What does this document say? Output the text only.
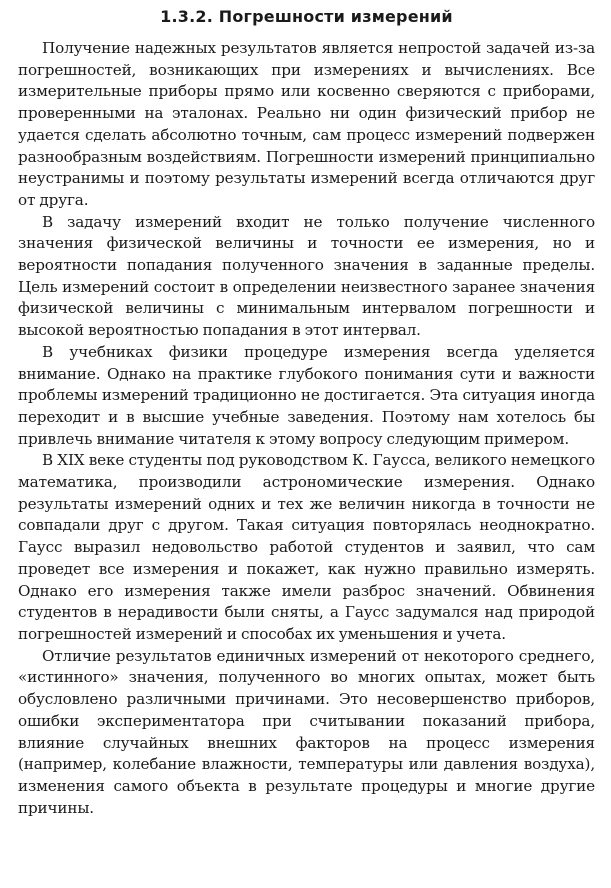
1.3.2. Погрешности измерений

Получение надежных результатов является непростой задачей из-за погрешностей, возникающих при измерениях и вычислениях. Все измерительные приборы прямо или косвенно сверяются с приборами, проверенными на эталонах. Реально ни один физический прибор не удается сделать абсолютно точным, сам процесс измерений подвержен разнообразным воздействиям. Погрешности измерений принципиально неустранимы и поэтому результаты измерений всегда отличаются друг от друга.

В задачу измерений входит не только получение численного значения физической величины и точности ее измерения, но и вероятности попадания полученного значения в заданные пределы. Цель измерений состоит в определении неизвестного заранее значения физической величины с минимальным интервалом погрешности и высокой вероятностью попадания в этот интервал.

В учебниках физики процедуре измерения всегда уделяется внимание. Однако на практике глубокого понимания сути и важности проблемы измерений традиционно не достигается. Эта ситуация иногда переходит и в высшие учебные заведения. Поэтому нам хотелось бы привлечь внимание читателя к этому вопросу следующим примером.

В XIX веке студенты под руководством К. Гаусса, великого немецкого математика, производили астрономические измерения. Однако результаты измерений одних и тех же величин никогда в точности не совпадали друг с другом. Такая ситуация повторялась неоднократно. Гаусс выразил недовольство работой студентов и заявил, что сам проведет все измерения и покажет, как нужно правильно измерять. Однако его измерения также имели разброс значений. Обвинения студентов в нерадивости были сняты, а Гаусс задумался над природой погрешностей измерений и способах их уменьшения и учета.

Отличие результатов единичных измерений от некоторого среднего, «истинного» значения, полученного во многих опытах, может быть обусловлено различными причинами. Это несовершенство приборов, ошибки экспериментатора при считывании показаний прибора, влияние случайных внешних факторов на процесс измерения (например, колебание влажности, температуры или давления воздуха), изменения самого объекта в результате процедуры и многие другие причины.
